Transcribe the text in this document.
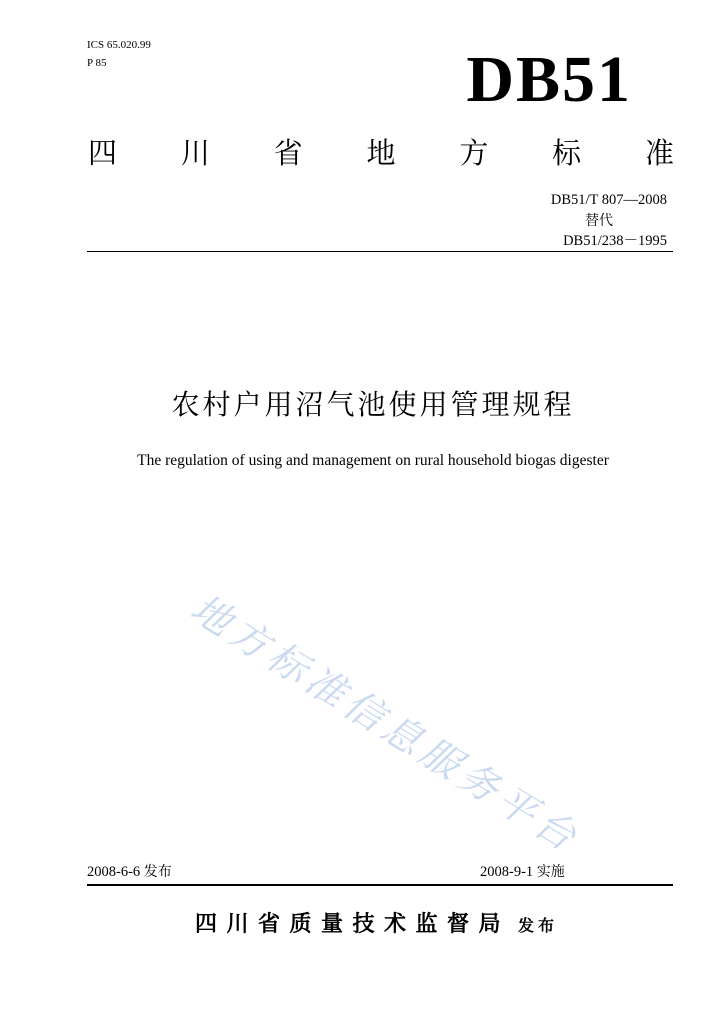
ICS 65.020.99
P 85	DB51
四 川 省 地 方 标 准
DB51/T 807—2008
替代
DB51/238－1995
农村户用沼气池使用管理规程
The regulation of using and management on rural household biogas digester
地方标准信息服务平台
2008-6-6 发布	2008-9-1 实施
四川省质量技术监督局 发布
